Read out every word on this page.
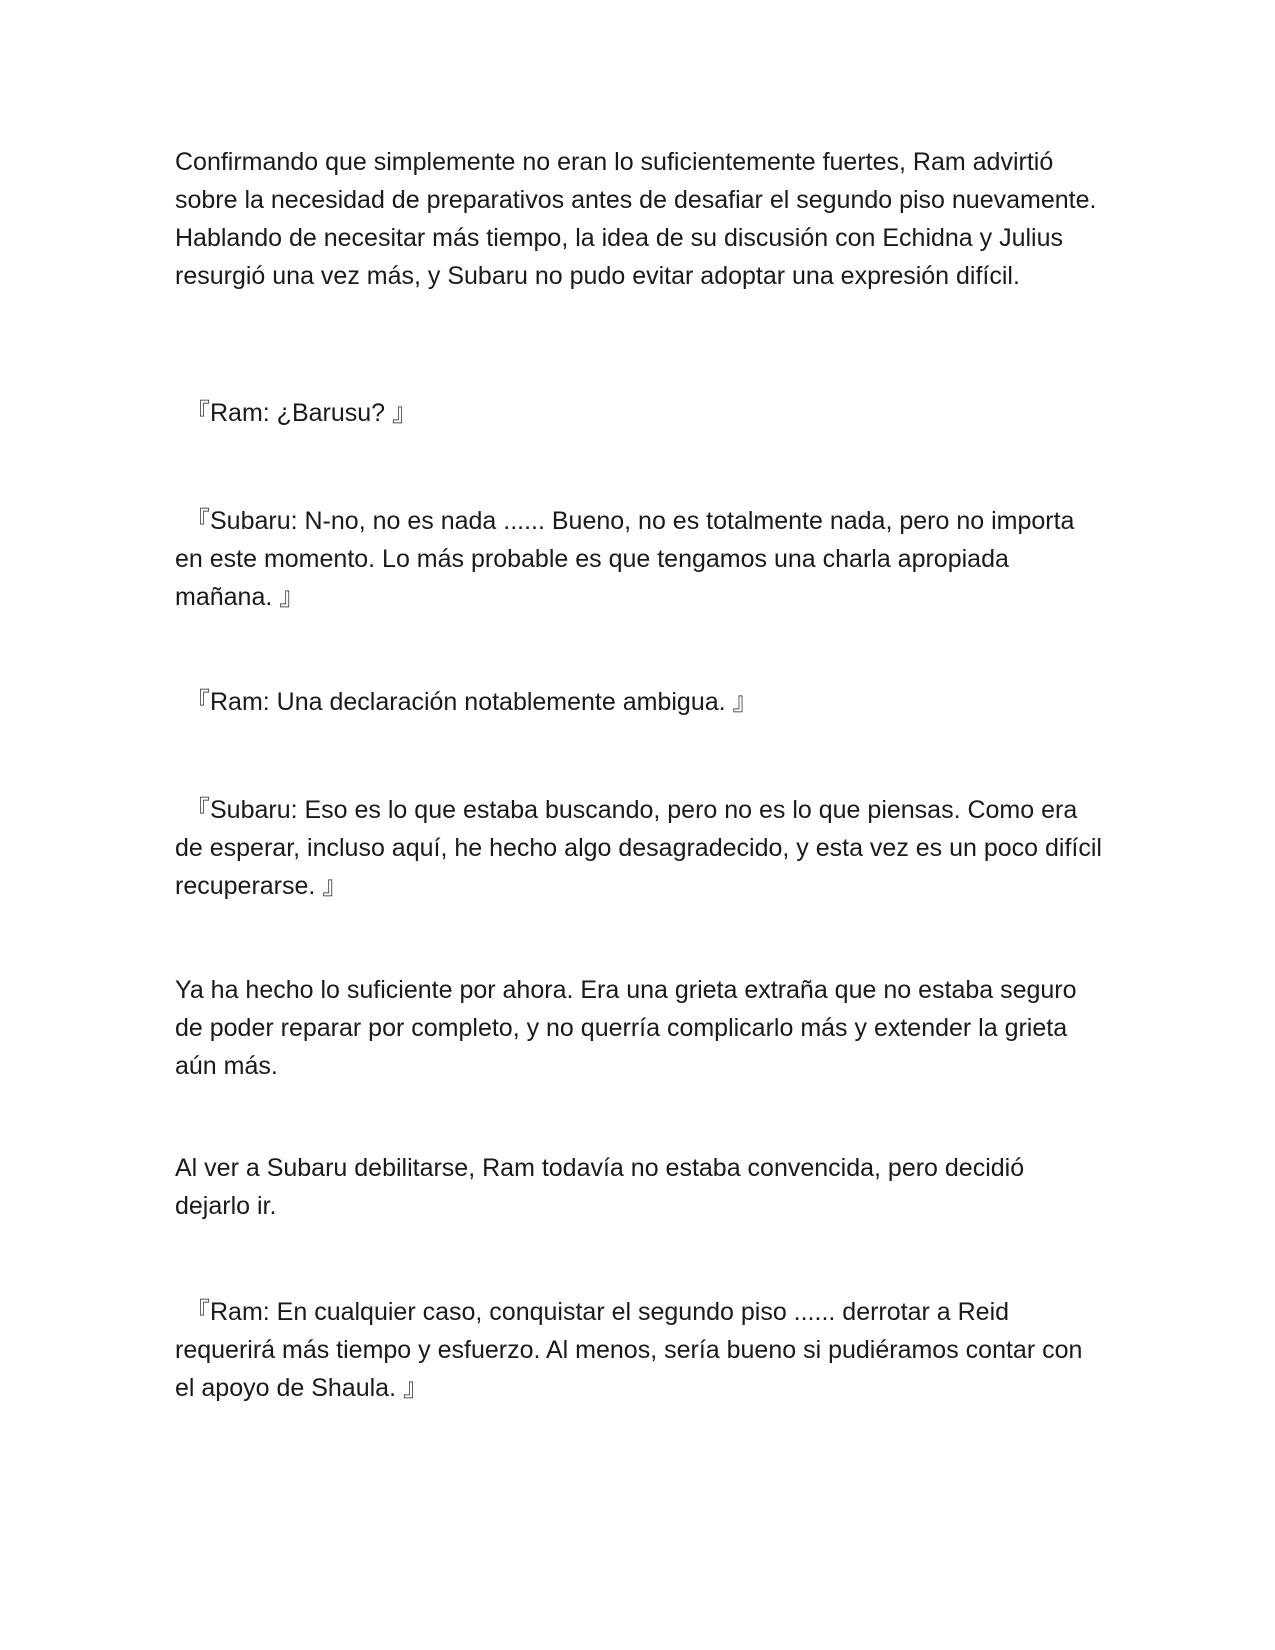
Confirmando que simplemente no eran lo suficientemente fuertes, Ram advirtió sobre la necesidad de preparativos antes de desafiar el segundo piso nuevamente. Hablando de necesitar más tiempo, la idea de su discusión con Echidna y Julius resurgió una vez más, y Subaru no pudo evitar adoptar una expresión difícil.

『Ram: ¿Barusu? 』

『Subaru: N-no, no es nada ...... Bueno, no es totalmente nada, pero no importa en este momento. Lo más probable es que tengamos una charla apropiada mañana. 』

『Ram: Una declaración notablemente ambigua. 』

『Subaru: Eso es lo que estaba buscando, pero no es lo que piensas. Como era de esperar, incluso aquí, he hecho algo desagradecido, y esta vez es un poco difícil recuperarse. 』

Ya ha hecho lo suficiente por ahora. Era una grieta extraña que no estaba seguro de poder reparar por completo, y no querría complicarlo más y extender la grieta aún más.

Al ver a Subaru debilitarse, Ram todavía no estaba convencida, pero decidió dejarlo ir.

『Ram: En cualquier caso, conquistar el segundo piso ...... derrotar a Reid requerirá más tiempo y esfuerzo. Al menos, sería bueno si pudiéramos contar con el apoyo de Shaula. 』
